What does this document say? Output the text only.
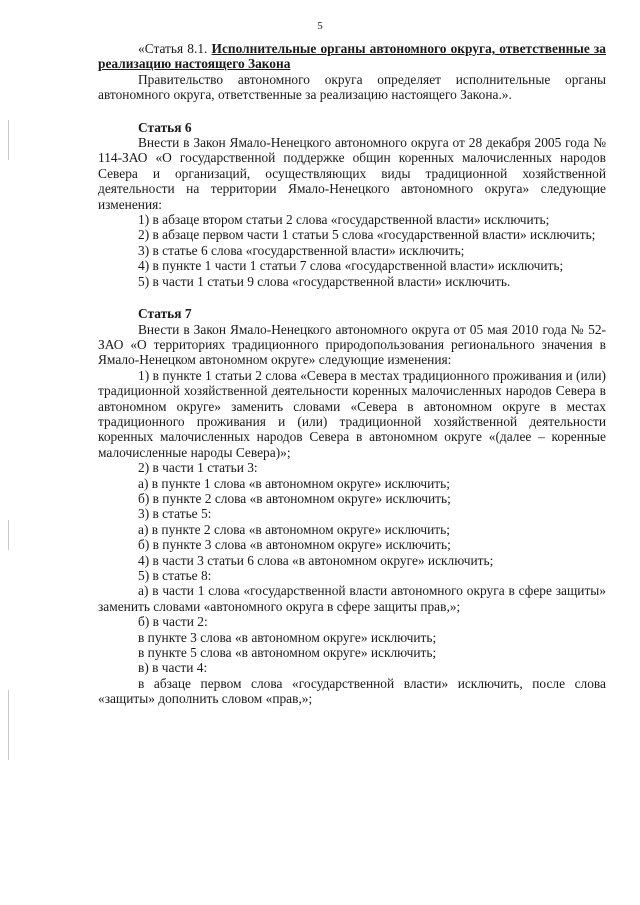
5

«Статья 8.1. Исполнительные органы автономного округа, ответственные за реализацию настоящего Закона

Правительство автономного округа определяет исполнительные органы автономного округа, ответственные за реализацию настоящего Закона.».

Статья 6

Внести в Закон Ямало-Ненецкого автономного округа от 28 декабря 2005 года № 114-ЗАО «О государственной поддержке общин коренных малочисленных народов Севера и организаций, осуществляющих виды традиционной хозяйственной деятельности на территории Ямало-Ненецкого автономного округа» следующие изменения:

1) в абзаце втором статьи 2 слова «государственной власти» исключить;

2) в абзаце первом части 1 статьи 5 слова «государственной власти» исключить;

3) в статье 6 слова «государственной власти» исключить;

4) в пункте 1 части 1 статьи 7 слова «государственной власти» исключить;

5) в части 1 статьи 9 слова «государственной власти» исключить.

Статья 7

Внести в Закон Ямало-Ненецкого автономного округа от 05 мая 2010 года № 52-ЗАО «О территориях традиционного природопользования регионального значения в Ямало-Ненецком автономном округе» следующие изменения:

1) в пункте 1 статьи 2 слова «Севера в местах традиционного проживания и (или) традиционной хозяйственной деятельности коренных малочисленных народов Севера в автономном округе» заменить словами «Севера в автономном округе в местах традиционного проживания и (или) традиционной хозяйственной деятельности коренных малочисленных народов Севера в автономном округе «(далее – коренные малочисленные народы Севера)»;

2) в части 1 статьи 3:

а) в пункте 1 слова «в автономном округе» исключить;

б) в пункте 2 слова «в автономном округе» исключить;

3) в статье 5:

а) в пункте 2 слова «в автономном округе» исключить;

б) в пункте 3 слова «в автономном округе» исключить;

4) в части 3 статьи 6 слова «в автономном округе» исключить;

5) в статье 8:

а) в части 1 слова «государственной власти автономного округа в сфере защиты» заменить словами «автономного округа в сфере защиты прав,»;

б) в части 2:

в пункте 3 слова «в автономном округе» исключить;

в пункте 5 слова «в автономном округе» исключить;

в) в части 4:

в абзаце первом слова «государственной власти» исключить, после слова «защиты» дополнить словом «прав,»;
